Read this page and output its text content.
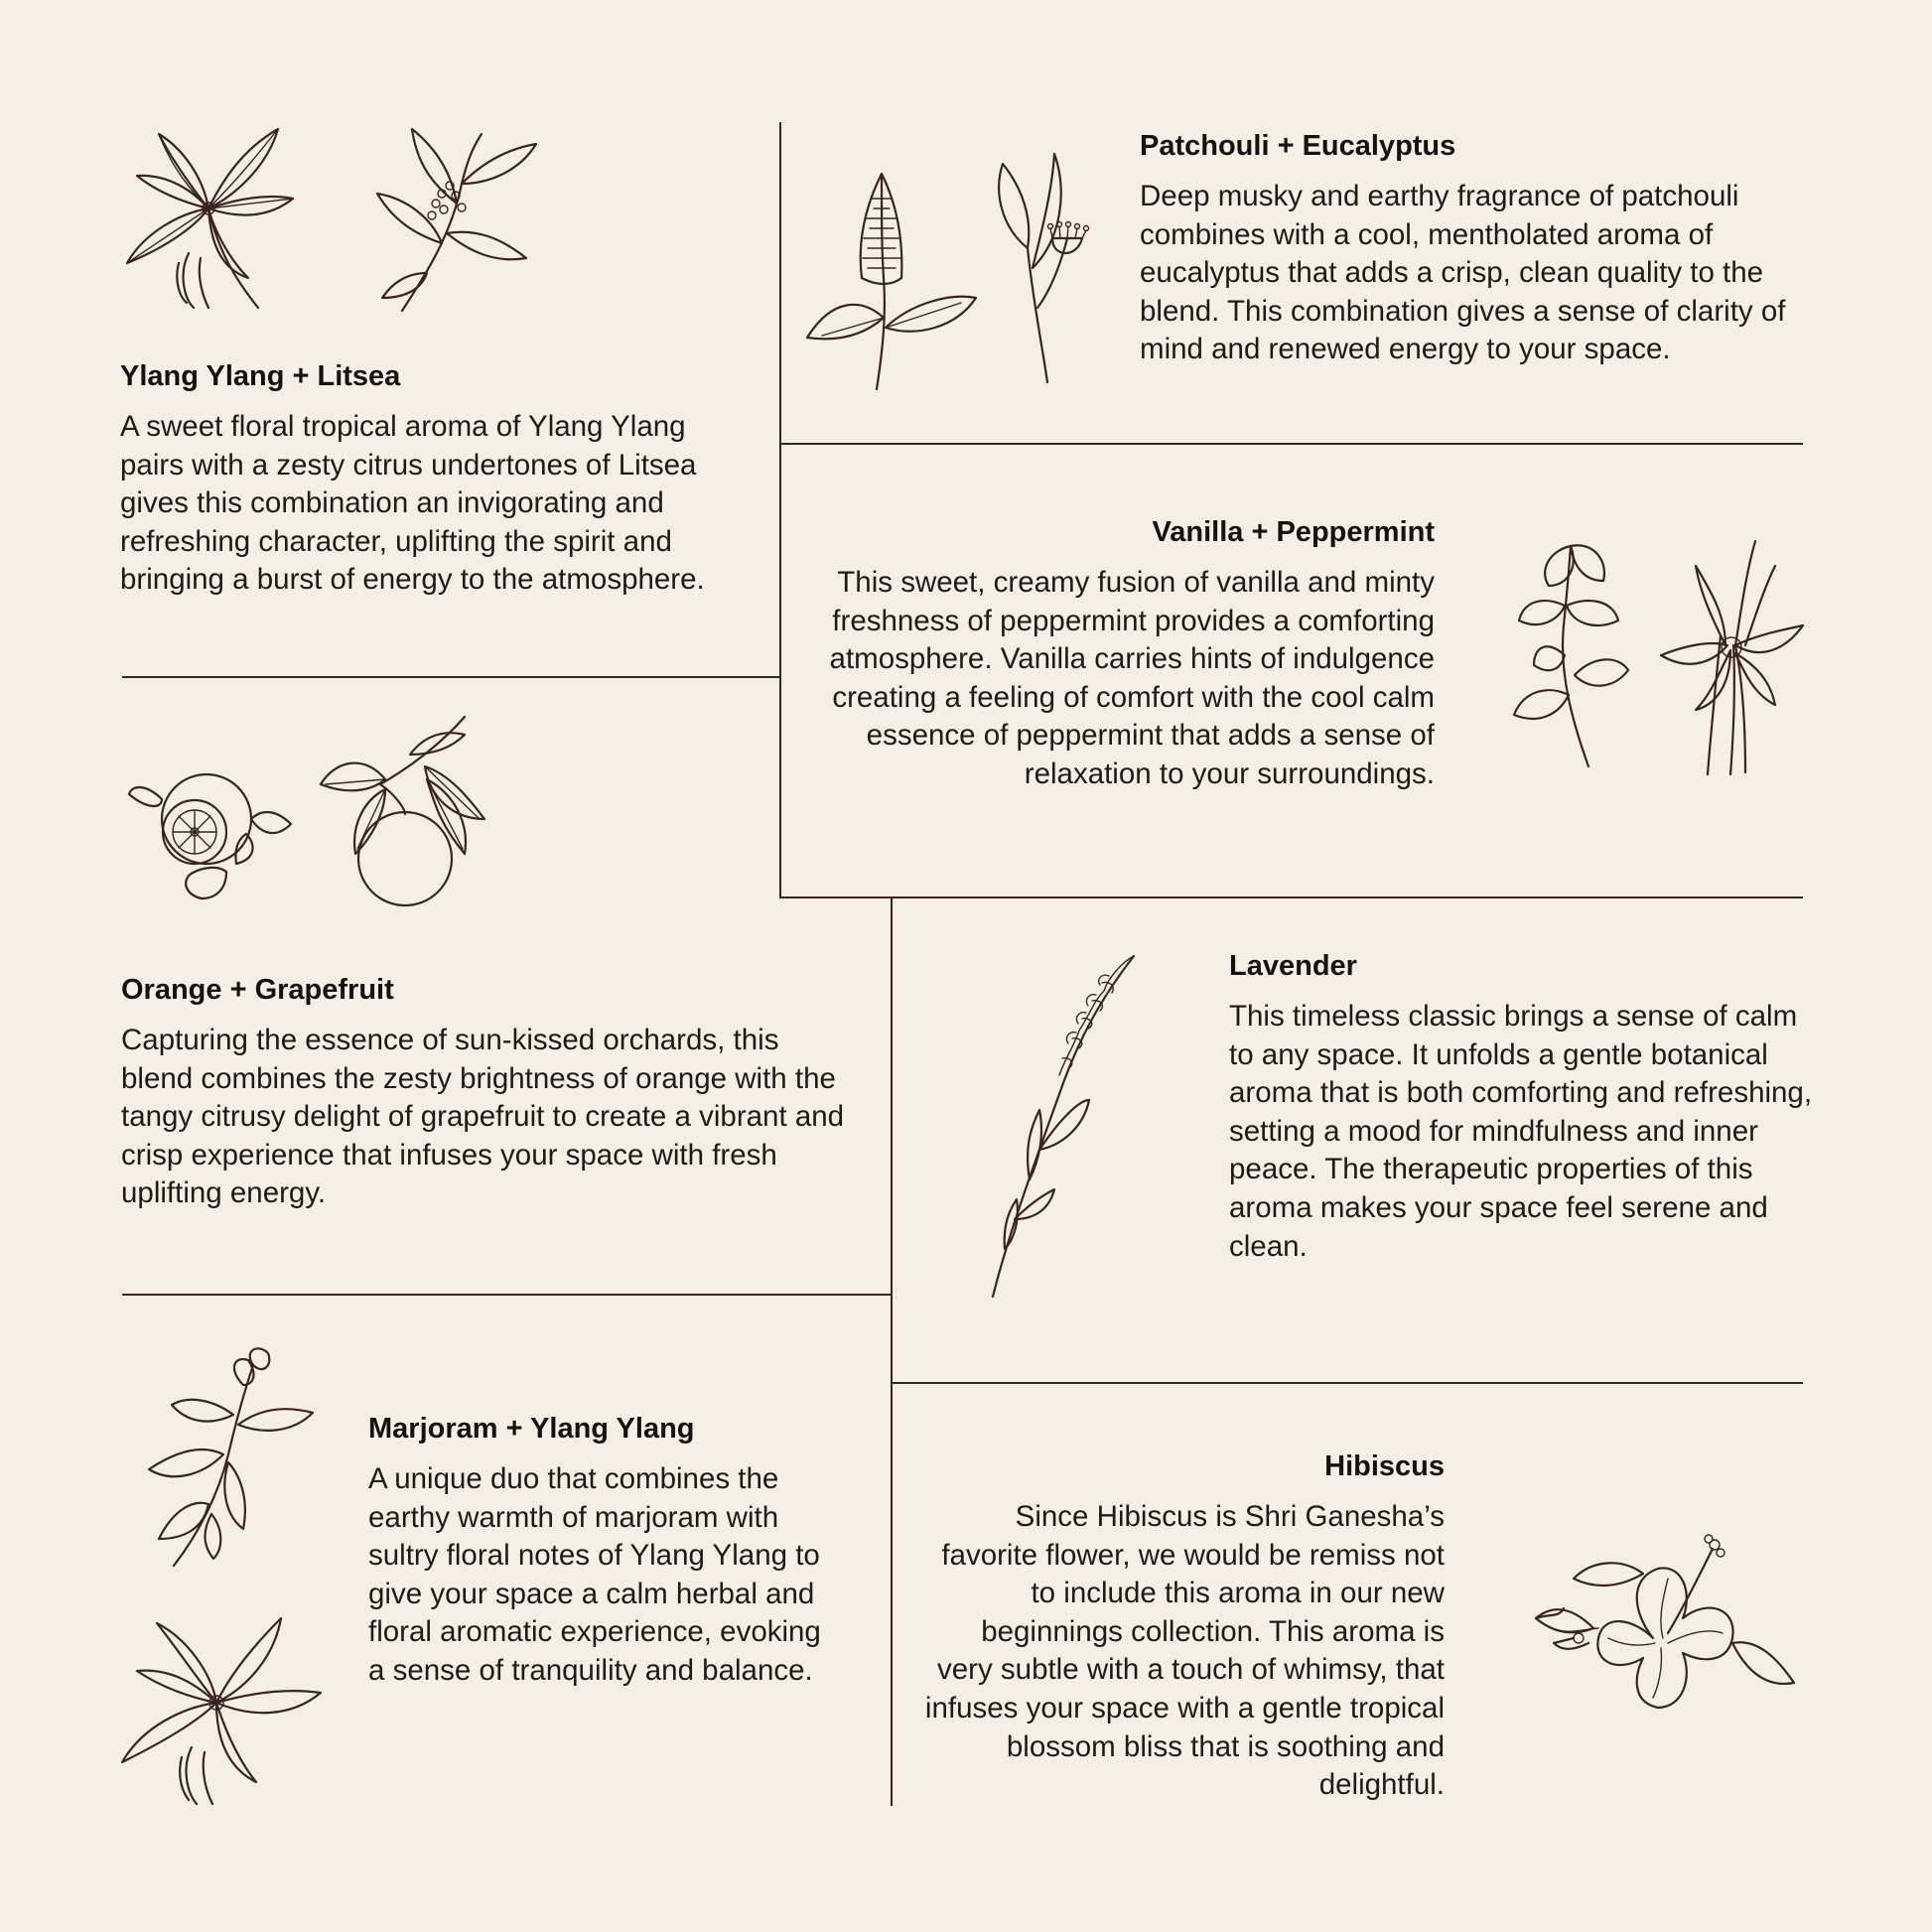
Ylang Ylang + Litsea

A sweet floral tropical aroma of Ylang Ylang pairs with a zesty citrus undertones of Litsea gives this combination an invigorating and refreshing character, uplifting the spirit and bringing a burst of energy to the atmosphere.

Patchouli + Eucalyptus

Deep musky and earthy fragrance of patchouli combines with a cool, mentholated aroma of eucalyptus that adds a crisp, clean quality to the blend. This combination gives a sense of clarity of mind and renewed energy to your space.

Vanilla + Peppermint

This sweet, creamy fusion of vanilla and minty freshness of peppermint provides a comforting atmosphere. Vanilla carries hints of indulgence creating a feeling of comfort with the cool calm essence of peppermint that adds a sense of relaxation to your surroundings.

Orange + Grapefruit

Capturing the essence of sun-kissed orchards, this blend combines the zesty brightness of orange with the tangy citrusy delight of grapefruit to create a vibrant and crisp experience that infuses your space with fresh uplifting energy.

Lavender

This timeless classic brings a sense of calm to any space. It unfolds a gentle botanical aroma that is both comforting and refreshing, setting a mood for mindfulness and inner peace. The therapeutic properties of this aroma makes your space feel serene and clean.

Marjoram + Ylang Ylang

A unique duo that combines the earthy warmth of marjoram with sultry floral notes of Ylang Ylang to give your space a calm herbal and floral aromatic experience, evoking a sense of tranquility and balance.

Hibiscus

Since Hibiscus is Shri Ganesha’s favorite flower, we would be remiss not to include this aroma in our new beginnings collection. This aroma is very subtle with a touch of whimsy, that infuses your space with a gentle tropical blossom bliss that is soothing and delightful.
